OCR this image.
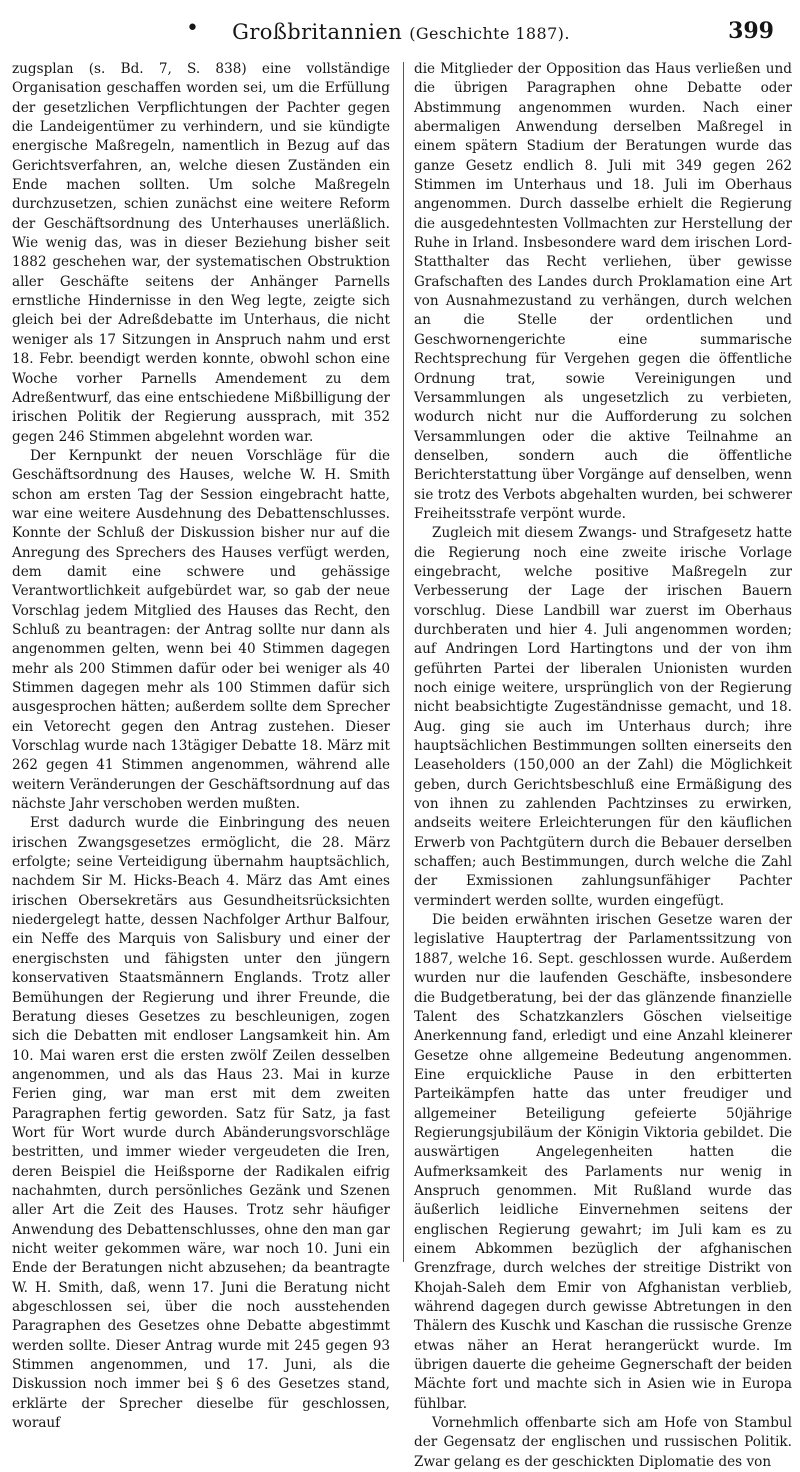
•	Großbritannien (Geschichte 1887).	399

zugsplan (s. Bd. 7, S. 838) eine vollständige Organisation geschaffen worden sei, um die Erfüllung der gesetzlichen Verpflichtungen der Pachter gegen die Landeigentümer zu verhindern, und sie kündigte energische Maßregeln, namentlich in Bezug auf das Gerichtsverfahren, an, welche diesen Zuständen ein Ende machen sollten. Um solche Maßregeln durchzusetzen, schien zunächst eine weitere Reform der Geschäftsordnung des Unterhauses unerläßlich. Wie wenig das, was in dieser Beziehung bisher seit 1882 geschehen war, der systematischen Obstruktion aller Geschäfte seitens der Anhänger Parnells ernstliche Hindernisse in den Weg legte, zeigte sich gleich bei der Adreßdebatte im Unterhaus, die nicht weniger als 17 Sitzungen in Anspruch nahm und erst 18. Febr. beendigt werden konnte, obwohl schon eine Woche vorher Parnells Amendement zu dem Adreßentwurf, das eine entschiedene Mißbilligung der irischen Politik der Regierung aussprach, mit 352 gegen 246 Stimmen abgelehnt worden war.

Der Kernpunkt der neuen Vorschläge für die Geschäftsordnung des Hauses, welche W. H. Smith schon am ersten Tag der Session eingebracht hatte, war eine weitere Ausdehnung des Debattenschlusses. Konnte der Schluß der Diskussion bisher nur auf die Anregung des Sprechers des Hauses verfügt werden, dem damit eine schwere und gehässige Verantwortlichkeit aufgebürdet war, so gab der neue Vorschlag jedem Mitglied des Hauses das Recht, den Schluß zu beantragen: der Antrag sollte nur dann als angenommen gelten, wenn bei 40 Stimmen dagegen mehr als 200 Stimmen dafür oder bei weniger als 40 Stimmen dagegen mehr als 100 Stimmen dafür sich ausgesprochen hätten; außerdem sollte dem Sprecher ein Vetorecht gegen den Antrag zustehen. Dieser Vorschlag wurde nach 13tägiger Debatte 18. März mit 262 gegen 41 Stimmen angenommen, während alle weitern Veränderungen der Geschäftsordnung auf das nächste Jahr verschoben werden mußten.

Erst dadurch wurde die Einbringung des neuen irischen Zwangsgesetzes ermöglicht, die 28. März erfolgte; seine Verteidigung übernahm hauptsächlich, nachdem Sir M. Hicks-Beach 4. März das Amt eines irischen Obersekretärs aus Gesundheitsrücksichten niedergelegt hatte, dessen Nachfolger Arthur Balfour, ein Neffe des Marquis von Salisbury und einer der energischsten und fähigsten unter den jüngern konservativen Staatsmännern Englands. Trotz aller Bemühungen der Regierung und ihrer Freunde, die Beratung dieses Gesetzes zu beschleunigen, zogen sich die Debatten mit endloser Langsamkeit hin. Am 10. Mai waren erst die ersten zwölf Zeilen desselben angenommen, und als das Haus 23. Mai in kurze Ferien ging, war man erst mit dem zweiten Paragraphen fertig geworden. Satz für Satz, ja fast Wort für Wort wurde durch Abänderungsvorschläge bestritten, und immer wieder vergeudeten die Iren, deren Beispiel die Heißsporne der Radikalen eifrig nachahmten, durch persönliches Gezänk und Szenen aller Art die Zeit des Hauses. Trotz sehr häufiger Anwendung des Debattenschlusses, ohne den man gar nicht weiter gekommen wäre, war noch 10. Juni ein Ende der Beratungen nicht abzusehen; da beantragte W. H. Smith, daß, wenn 17. Juni die Beratung nicht abgeschlossen sei, über die noch ausstehenden Paragraphen des Gesetzes ohne Debatte abgestimmt werden sollte. Dieser Antrag wurde mit 245 gegen 93 Stimmen angenommen, und 17. Juni, als die Diskussion noch immer bei § 6 des Gesetzes stand, erklärte der Sprecher dieselbe für geschlossen, worauf

die Mitglieder der Opposition das Haus verließen und die übrigen Paragraphen ohne Debatte oder Abstimmung angenommen wurden. Nach einer abermaligen Anwendung derselben Maßregel in einem spätern Stadium der Beratungen wurde das ganze Gesetz endlich 8. Juli mit 349 gegen 262 Stimmen im Unterhaus und 18. Juli im Oberhaus angenommen. Durch dasselbe erhielt die Regierung die ausgedehntesten Vollmachten zur Herstellung der Ruhe in Irland. Insbesondere ward dem irischen Lord-Statthalter das Recht verliehen, über gewisse Grafschaften des Landes durch Proklamation eine Art von Ausnahmezustand zu verhängen, durch welchen an die Stelle der ordentlichen und Geschwornengerichte eine summarische Rechtsprechung für Vergehen gegen die öffentliche Ordnung trat, sowie Vereinigungen und Versammlungen als ungesetzlich zu verbieten, wodurch nicht nur die Aufforderung zu solchen Versammlungen oder die aktive Teilnahme an denselben, sondern auch die öffentliche Berichterstattung über Vorgänge auf denselben, wenn sie trotz des Verbots abgehalten wurden, bei schwerer Freiheitsstrafe verpönt wurde.

Zugleich mit diesem Zwangs- und Strafgesetz hatte die Regierung noch eine zweite irische Vorlage eingebracht, welche positive Maßregeln zur Verbesserung der Lage der irischen Bauern vorschlug. Diese Landbill war zuerst im Oberhaus durchberaten und hier 4. Juli angenommen worden; auf Andringen Lord Hartingtons und der von ihm geführten Partei der liberalen Unionisten wurden noch einige weitere, ursprünglich von der Regierung nicht beabsichtigte Zugeständnisse gemacht, und 18. Aug. ging sie auch im Unterhaus durch; ihre hauptsächlichen Bestimmungen sollten einerseits den Leaseholders (150,000 an der Zahl) die Möglichkeit geben, durch Gerichtsbeschluß eine Ermäßigung des von ihnen zu zahlenden Pachtzinses zu erwirken, andseits weitere Erleichterungen für den käuflichen Erwerb von Pachtgütern durch die Bebauer derselben schaffen; auch Bestimmungen, durch welche die Zahl der Exmissionen zahlungsunfähiger Pachter vermindert werden sollte, wurden eingefügt.

Die beiden erwähnten irischen Gesetze waren der legislative Hauptertrag der Parlamentssitzung von 1887, welche 16. Sept. geschlossen wurde. Außerdem wurden nur die laufenden Geschäfte, insbesondere die Budgetberatung, bei der das glänzende finanzielle Talent des Schatzkanzlers Göschen vielseitige Anerkennung fand, erledigt und eine Anzahl kleinerer Gesetze ohne allgemeine Bedeutung angenommen. Eine erquickliche Pause in den erbitterten Parteikämpfen hatte das unter freudiger und allgemeiner Beteiligung gefeierte 50jährige Regierungsjubiläum der Königin Viktoria gebildet. Die auswärtigen Angelegenheiten hatten die Aufmerksamkeit des Parlaments nur wenig in Anspruch genommen. Mit Rußland wurde das äußerlich leidliche Einvernehmen seitens der englischen Regierung gewahrt; im Juli kam es zu einem Abkommen bezüglich der afghanischen Grenzfrage, durch welches der streitige Distrikt von Khojah-Saleh dem Emir von Afghanistan verblieb, während dagegen durch gewisse Abtretungen in den Thälern des Kuschk und Kaschan die russische Grenze etwas näher an Herat herangerückt wurde. Im übrigen dauerte die geheime Gegnerschaft der beiden Mächte fort und machte sich in Asien wie in Europa fühlbar.

Vornehmlich offenbarte sich am Hofe von Stambul der Gegensatz der englischen und russischen Politik. Zwar gelang es der geschickten Diplomatie des von
